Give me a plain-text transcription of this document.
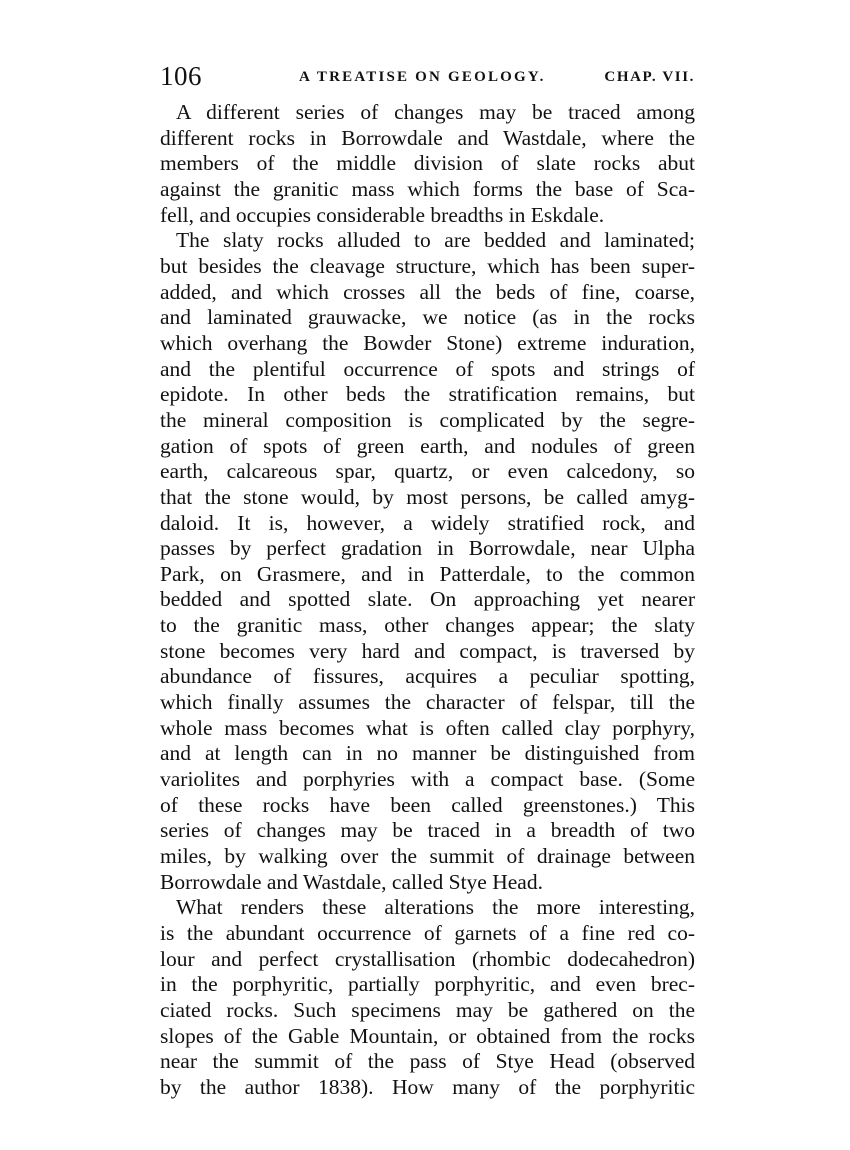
106	A TREATISE ON GEOLOGY.	CHAP. VII.

A different series of changes may be traced among
different rocks in Borrowdale and Wastdale, where the
members of the middle division of slate rocks abut
against the granitic mass which forms the base of Sca-
fell, and occupies considerable breadths in Eskdale.

The slaty rocks alluded to are bedded and laminated;
but besides the cleavage structure, which has been super-
added, and which crosses all the beds of fine, coarse,
and laminated grauwacke, we notice (as in the rocks
which overhang the Bowder Stone) extreme induration,
and the plentiful occurrence of spots and strings of
epidote. In other beds the stratification remains, but
the mineral composition is complicated by the segre-
gation of spots of green earth, and nodules of green
earth, calcareous spar, quartz, or even calcedony, so
that the stone would, by most persons, be called amyg-
daloid. It is, however, a widely stratified rock, and
passes by perfect gradation in Borrowdale, near Ulpha
Park, on Grasmere, and in Patterdale, to the common
bedded and spotted slate. On approaching yet nearer
to the granitic mass, other changes appear; the slaty
stone becomes very hard and compact, is traversed by
abundance of fissures, acquires a peculiar spotting,
which finally assumes the character of felspar, till the
whole mass becomes what is often called clay porphyry,
and at length can in no manner be distinguished from
variolites and porphyries with a compact base. (Some
of these rocks have been called greenstones.) This
series of changes may be traced in a breadth of two
miles, by walking over the summit of drainage between
Borrowdale and Wastdale, called Stye Head.

What renders these alterations the more interesting,
is the abundant occurrence of garnets of a fine red co-
lour and perfect crystallisation (rhombic dodecahedron)
in the porphyritic, partially porphyritic, and even brec-
ciated rocks. Such specimens may be gathered on the
slopes of the Gable Mountain, or obtained from the rocks
near the summit of the pass of Stye Head (observed
by the author 1838). How many of the porphyritic
